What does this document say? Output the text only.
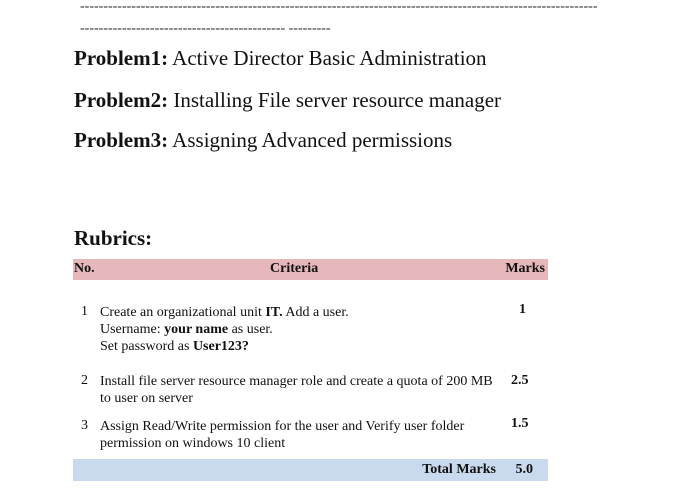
---------------------------------------------------------------------------------------------------------------
-------------------------------------------- ---------
Problem1: Active Director Basic Administration
Problem2: Installing File server resource manager
Problem3: Assigning Advanced permissions
Rubrics:
No.	Criteria	Marks
1 Create an organizational unit IT. Add a user.
Username: your name as user.
Set password as User123?
1
2 Install file server resource manager role and create a quota of 200 MB to user on server
2.5
3 Assign Read/Write permission for the user and Verify user folder permission on windows 10 client
1.5
Total Marks 5.0
